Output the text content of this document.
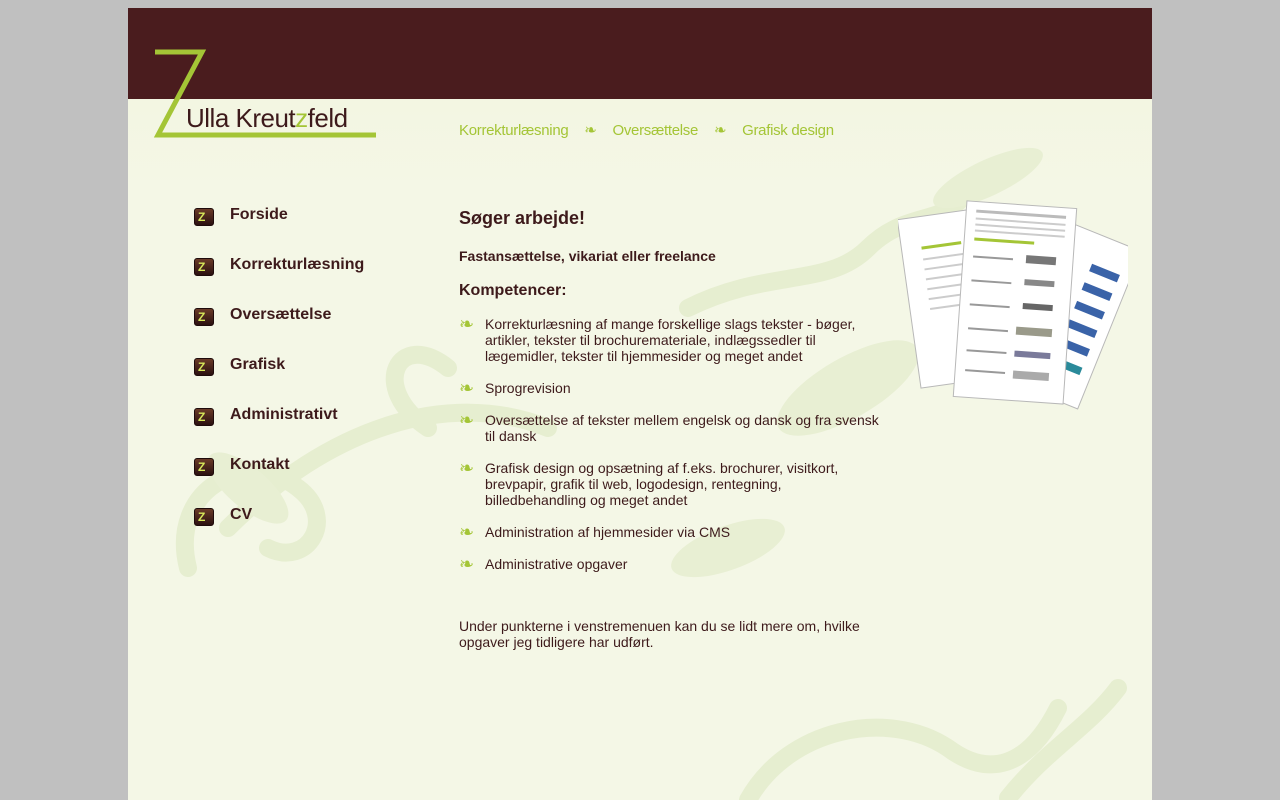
Ulla Kreutzfeld	Korrekturlæsning ❧ Oversættelse ❧ Grafisk design
Z Forside
Z Korrekturlæsning
Z Oversættelse
Z Grafisk
Z Administrativt
Z Kontakt
Z CV
Søger arbejde!
Fastansættelse, vikariat eller freelance
Kompetencer:
❧ Korrekturlæsning af mange forskellige slags tekster - bøger, artikler, tekster til brochurematerialе, indlægssedler til lægemidler, tekster til hjemmesider og meget andet
❧ Sprogrevision
❧ Oversættelse af tekster mellem engelsk og dansk og fra svensk til dansk
❧ Grafisk design og opsætning af f.eks. brochurer, visitkort, brevpapir, grafik til web, logodesign, rentegning, billedbehandling og meget andet
❧ Administration af hjemmesider via CMS
❧ Administrative opgaver
Under punkterne i venstremenuen kan du se lidt mere om, hvilke opgaver jeg tidligere har udført.
